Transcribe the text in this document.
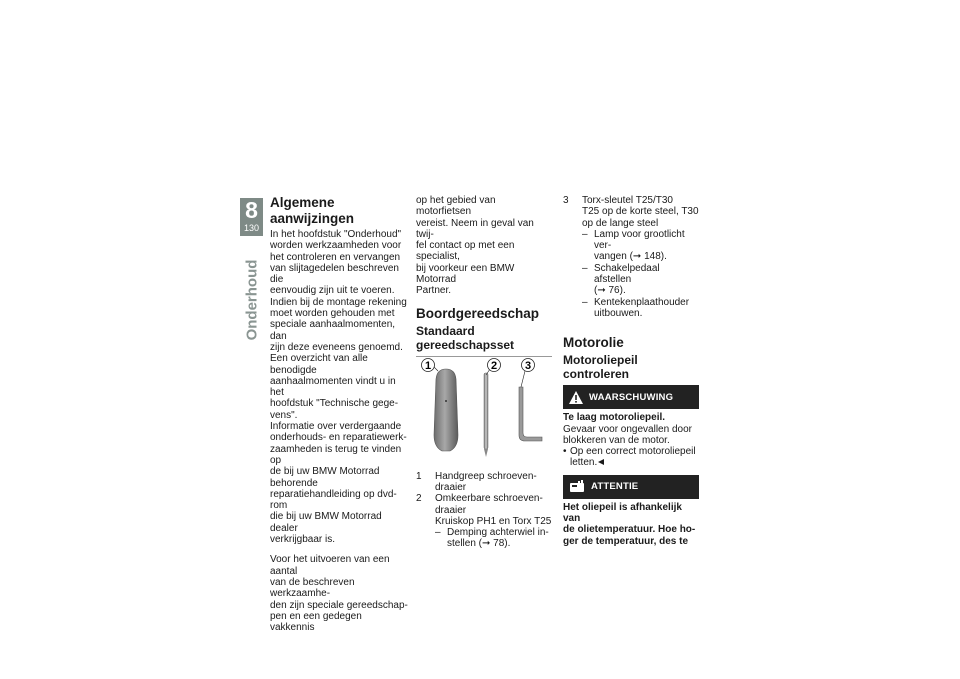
8
130
Onderhoud
Algemene aanwijzingen

In het hoofdstuk "Onderhoud"
worden werkzaamheden voor
het controleren en vervangen
van slijtagedelen beschreven die
eenvoudig zijn uit te voeren.
Indien bij de montage rekening
moet worden gehouden met
speciale aanhaalmomenten, dan
zijn deze eveneens genoemd.
Een overzicht van alle benodigde
aanhaalmomenten vindt u in het
hoofdstuk "Technische gege-
vens".
Informatie over verdergaande
onderhouds- en reparatiewerk-
zaamheden is terug te vinden op
de bij uw BMW Motorrad behorende
reparatiehandleiding op dvd-rom
die bij uw BMW Motorrad dealer
verkrijgbaar is.

Voor het uitvoeren van een aantal
van de beschreven werkzaamhe-
den zijn speciale gereedschap-
pen en een gedegen vakkennis

op het gebied van motorfietsen
vereist. Neem in geval van twij-
fel contact op met een specialist,
bij voorkeur een BMW Motorrad
Partner.

Boordgereedschap
Standaard
gereedschapsset
1	2	3
1	Handgreep schroeven-
draaier
2	Omkeerbare schroeven-
draaier
Kruiskop PH1 en Torx T25
– Demping achterwiel in-
stellen (➞ 78).
3	Torx-sleutel T25/T30
T25 op de korte steel, T30
op de lange steel
– Lamp voor grootlicht ver-
vangen (➞ 148).
– Schakelpedaal afstellen
(➞ 76).
– Kentekenplaathouder
uitbouwen.
Motorolie
Motoroliepeil controleren
WAARSCHUWING

Te laag motoroliepeil.

Gevaar voor ongevallen door
blokkeren van de motor.

• Op een correct motoroliepeil
letten.
ATTENTIE

Het oliepeil is afhankelijk van
de olietemperatuur. Hoe ho-
ger de temperatuur, des te
